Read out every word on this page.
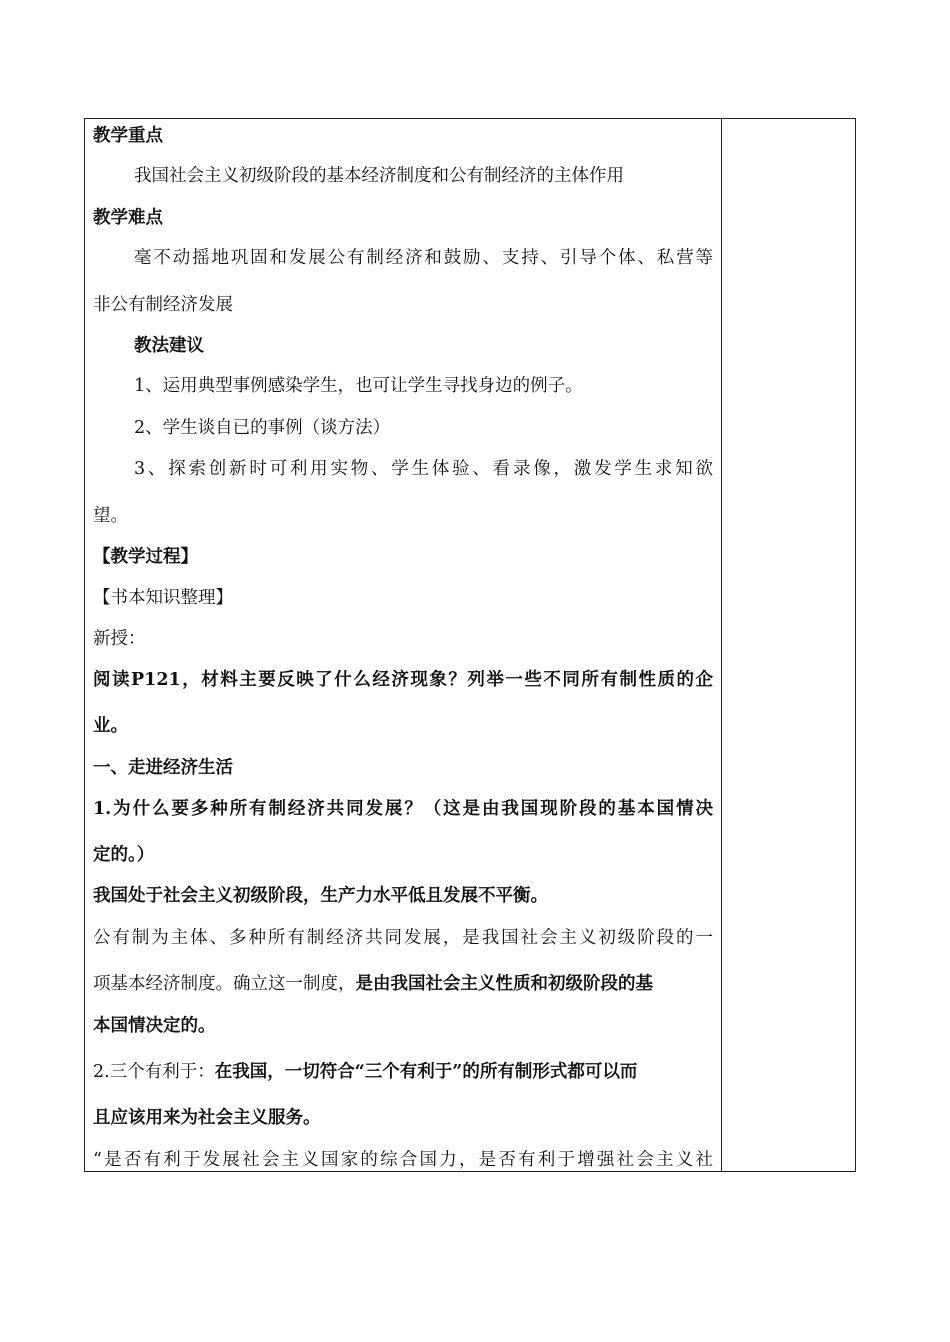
教学重点
我国社会主义初级阶段的基本经济制度和公有制经济的主体作用
教学难点
毫不动摇地巩固和发展公有制经济和鼓励、支持、引导个体、私营等
非公有制经济发展
教法建议
1、运用典型事例感染学生，也可让学生寻找身边的例子。
2、学生谈自已的事例（谈方法）
3、探索创新时可利用实物、学生体验、看录像，激发学生求知欲
望。
【教学过程】
【书本知识整理】
新授：
阅读P121，材料主要反映了什么经济现象？列举一些不同所有制性质的企
业。
一、走进经济生活
1.为什么要多种所有制经济共同发展？（这是由我国现阶段的基本国情决
定的。）
我国处于社会主义初级阶段，生产力水平低且发展不平衡。
公有制为主体、多种所有制经济共同发展，是我国社会主义初级阶段的一
项基本经济制度。确立这一制度，是由我国社会主义性质和初级阶段的基
本国情决定的。
2.三个有利于：在我国，一切符合“三个有利于”的所有制形式都可以而
且应该用来为社会主义服务。
“是否有利于发展社会主义国家的综合国力，是否有利于增强社会主义社
